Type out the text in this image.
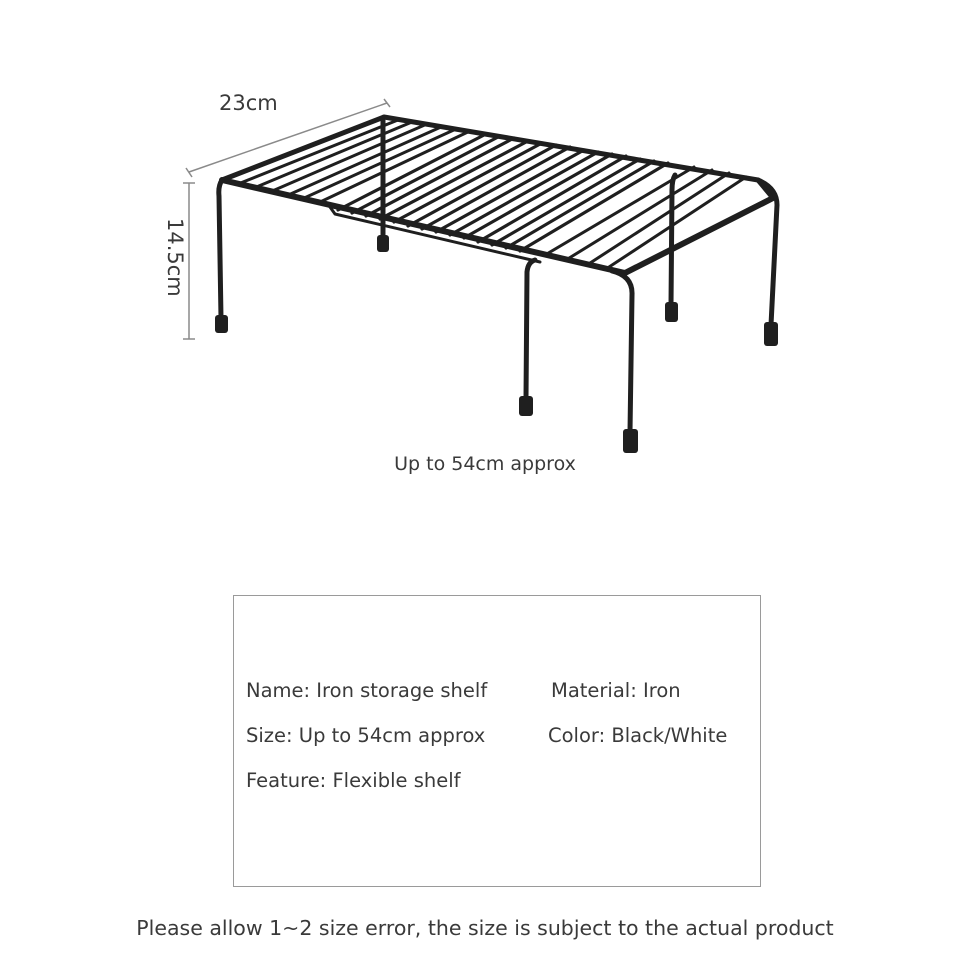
23cm
14.5cm
Up to 54cm approx
Name: Iron storage shelf	Material: Iron
Size: Up to 54cm approx	Color: Black/White
Feature: Flexible shelf
Please allow 1~2 size error, the size is subject to the actual product
